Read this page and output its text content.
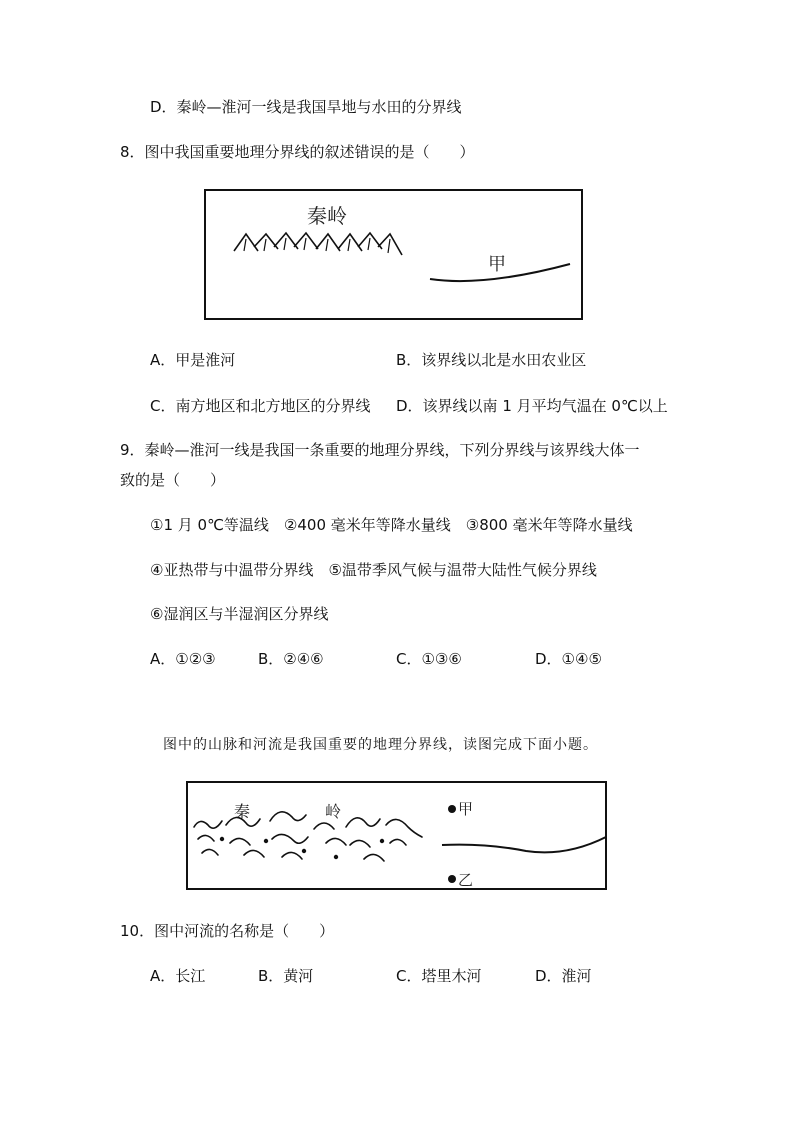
D．秦岭—淮河一线是我国旱地与水田的分界线
8．图中我国重要地理分界线的叙述错误的是（　　）
秦岭
甲
A．甲是淮河	B．该界线以北是水田农业区
C．南方地区和北方地区的分界线 D．该界线以南 1 月平均气温在 0℃以上
9．秦岭—淮河一线是我国一条重要的地理分界线，下列分界线与该界线大体一
致的是（　　）
①1 月 0℃等温线　②400 毫米年等降水量线　③800 毫米年等降水量线
④亚热带与中温带分界线　⑤温带季风气候与温带大陆性气候分界线
⑥湿润区与半湿润区分界线
A．①②③	B．②④⑥	C．①③⑥	D．①④⑤
图中的山脉和河流是我国重要的地理分界线，读图完成下面小题。
秦	岭	甲
乙
10．图中河流的名称是（　　）
A．长江	B．黄河	C．塔里木河	D．淮河
